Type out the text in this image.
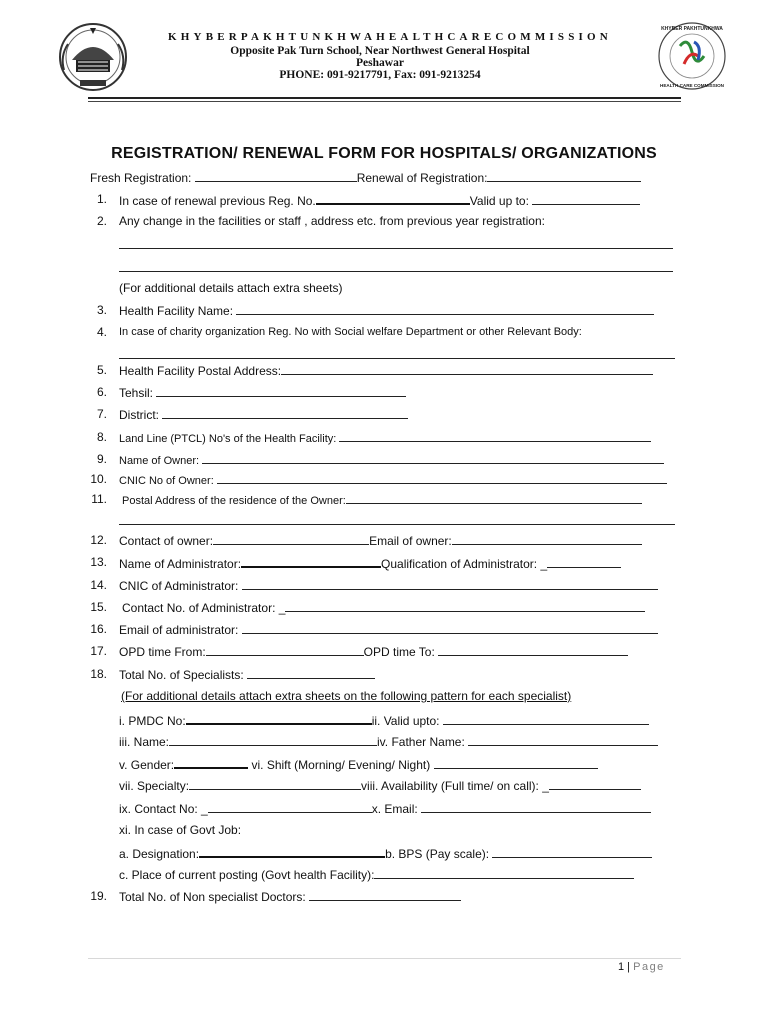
KHYBERPAKHTUNKHWAHEALTHCARECOMMISSION
Opposite Pak Turn School, Near Northwest General Hospital
Peshawar
PHONE: 091-9217791, Fax: 091-9213254
KHYBER PAKHTUNKHWA
HEALTH CARE COMMISSION
REGISTRATION/ RENEWAL FORM FOR HOSPITALS/ ORGANIZATIONS
Fresh Registration:	Renewal of Registration:
1. In case of renewal previous Reg. No.	Valid up to:
2. Any change in the facilities or staff , address etc. from previous year registration:
(For additional details attach extra sheets)
3. Health Facility Name:
4. In case of charity organization Reg. No with Social welfare Department or other Relevant Body:
5. Health Facility Postal Address:
6. Tehsil:
7. District:
8. Land Line (PTCL) No's of the Health Facility:
9. Name of Owner:
10. CNIC No of Owner:
11. Postal Address of the residence of the Owner:
12. Contact of owner:	Email of owner:
13. Name of Administrator:	Qualification of Administrator: _
14. CNIC of Administrator:
15. Contact No. of Administrator: _
16. Email of administrator:
17. OPD time From:	OPD time To:
18. Total No. of Specialists:
(For additional details attach extra sheets on the following pattern for each specialist)
i. PMDC No:	ii. Valid upto:
iii. Name:	iv. Father Name:
v. Gender:	vi. Shift (Morning/ Evening/ Night)
vii. Specialty:	viii. Availability (Full time/ on call): _
ix. Contact No: _	x. Email:
xi. In case of Govt Job:
a. Designation:	b. BPS (Pay scale):
c. Place of current posting (Govt health Facility):
19. Total No. of Non specialist Doctors:
1 | Page
